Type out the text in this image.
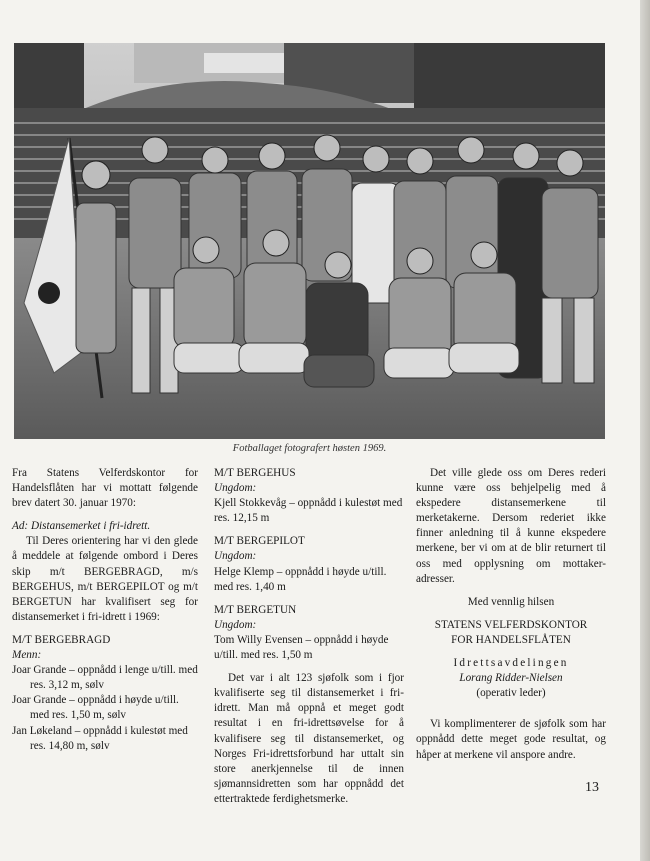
Fotballaget fotografert høsten 1969.

Fra Statens Velferdskontor for Handelsflåten har vi mottatt følgende brev datert 30. januar 1970:

Ad: Distansemerket i fri-idrett.

Til Deres orientering har vi den glede å meddele at følgende ombord i Deres skip m/t BERGEBRAGD, m/s BERGEHUS, m/t BERGEPILOT og m/t BERGETUN har kvalifisert seg for distansemerket i fri-idrett i 1969:

M/T BERGEBRAGD

Menn:

Joar Grande – oppnådd i lenge u/till. med res. 3,12 m, sølv

Joar Grande – oppnådd i høyde u/till. med res. 1,50 m, sølv

Jan Løkeland – oppnådd i kulestøt med res. 14,80 m, sølv

M/T BERGEHUS

Ungdom:

Kjell Stokkevåg – oppnådd i kulestøt med res. 12,15 m

M/T BERGEPILOT

Ungdom:

Helge Klemp – oppnådd i høyde u/till. med res. 1,40 m

M/T BERGETUN

Ungdom:

Tom Willy Evensen – oppnådd i høyde u/till. med res. 1,50 m

Det var i alt 123 sjøfolk som i fjor kvalifiserte seg til distansemerket i fri-idrett. Man må oppnå et meget godt resultat i en fri-idrettsøvelse for å kvalifisere seg til distansemerket, og Norges Fri-idrettsforbund har uttalt sin store anerkjennelse til de innen sjømannsidretten som har oppnådd det ettertraktede ferdighetsmerke.

Det ville glede oss om Deres rederi kunne være oss behjelpelig med å ekspedere distansemerkene til merketakerne. Dersom rederiet ikke finner anledning til å kunne ekspedere merkene, ber vi om at de blir returnert til oss med opplysning om mottaker-adresser.

Med vennlig hilsen

STATENS VELFERDSKONTOR

FOR HANDELSFLÅTEN

Idrettsavdelingen

Lorang Ridder-Nielsen

(operativ leder)

Vi komplimenterer de sjøfolk som har oppnådd dette meget gode resultat, og håper at merkene vil anspore andre.

13
